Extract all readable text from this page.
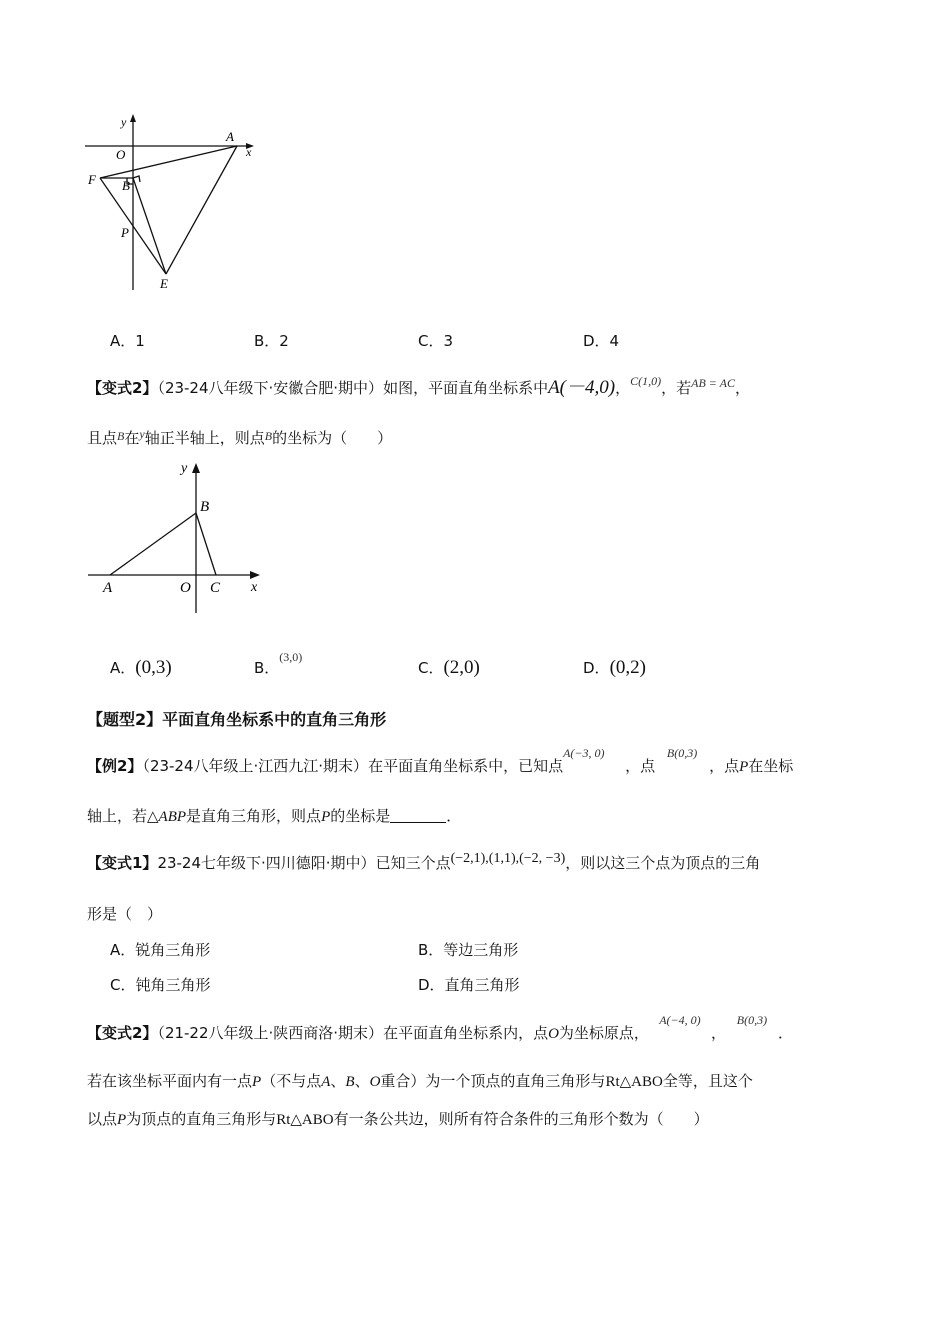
y
x
O
A
F B
P
E
A．1	B．2	C．3	D．4
【变式2】（23-24八年级下·安徽合肥·期中）如图，平面直角坐标系中A(－4,0)，$^{C(1,0)}$，若$^{AB = AC}$，
且点$^B$在$^y$轴正半轴上，则点$^B$的坐标为（　　）
y
x
B
A	O C
A．(0,3)	B．$^{(3,0)}$
C．(2,0)	D．(0,2)
【题型2】平面直角坐标系中的直角三角形
【例2】（23-24八年级上·江西九江·期末）在平面直角坐标系中，已知点A(−3, 0)，点B(0,3)，点P在坐标
轴上，若△ABP是直角三角形，则点P的坐标是	．
【变式1】23-24七年级下·四川德阳·期中）已知三个点(−2,1),(1,1),(−2, −3)，则以这三个点为顶点的三角
形是（　）
A．锐角三角形	B．等边三角形
C．钝角三角形	D．直角三角形
【变式2】（21-22八年级上·陕西商洛·期末）在平面直角坐标系内，点O为坐标原点，A(−4, 0)，B(0,3)．
若在该坐标平面内有一点P（不与点A、B、O重合）为一个顶点的直角三角形与Rt△ABO全等，且这个
以点P为顶点的直角三角形与Rt△ABO有一条公共边，则所有符合条件的三角形个数为（　　）
